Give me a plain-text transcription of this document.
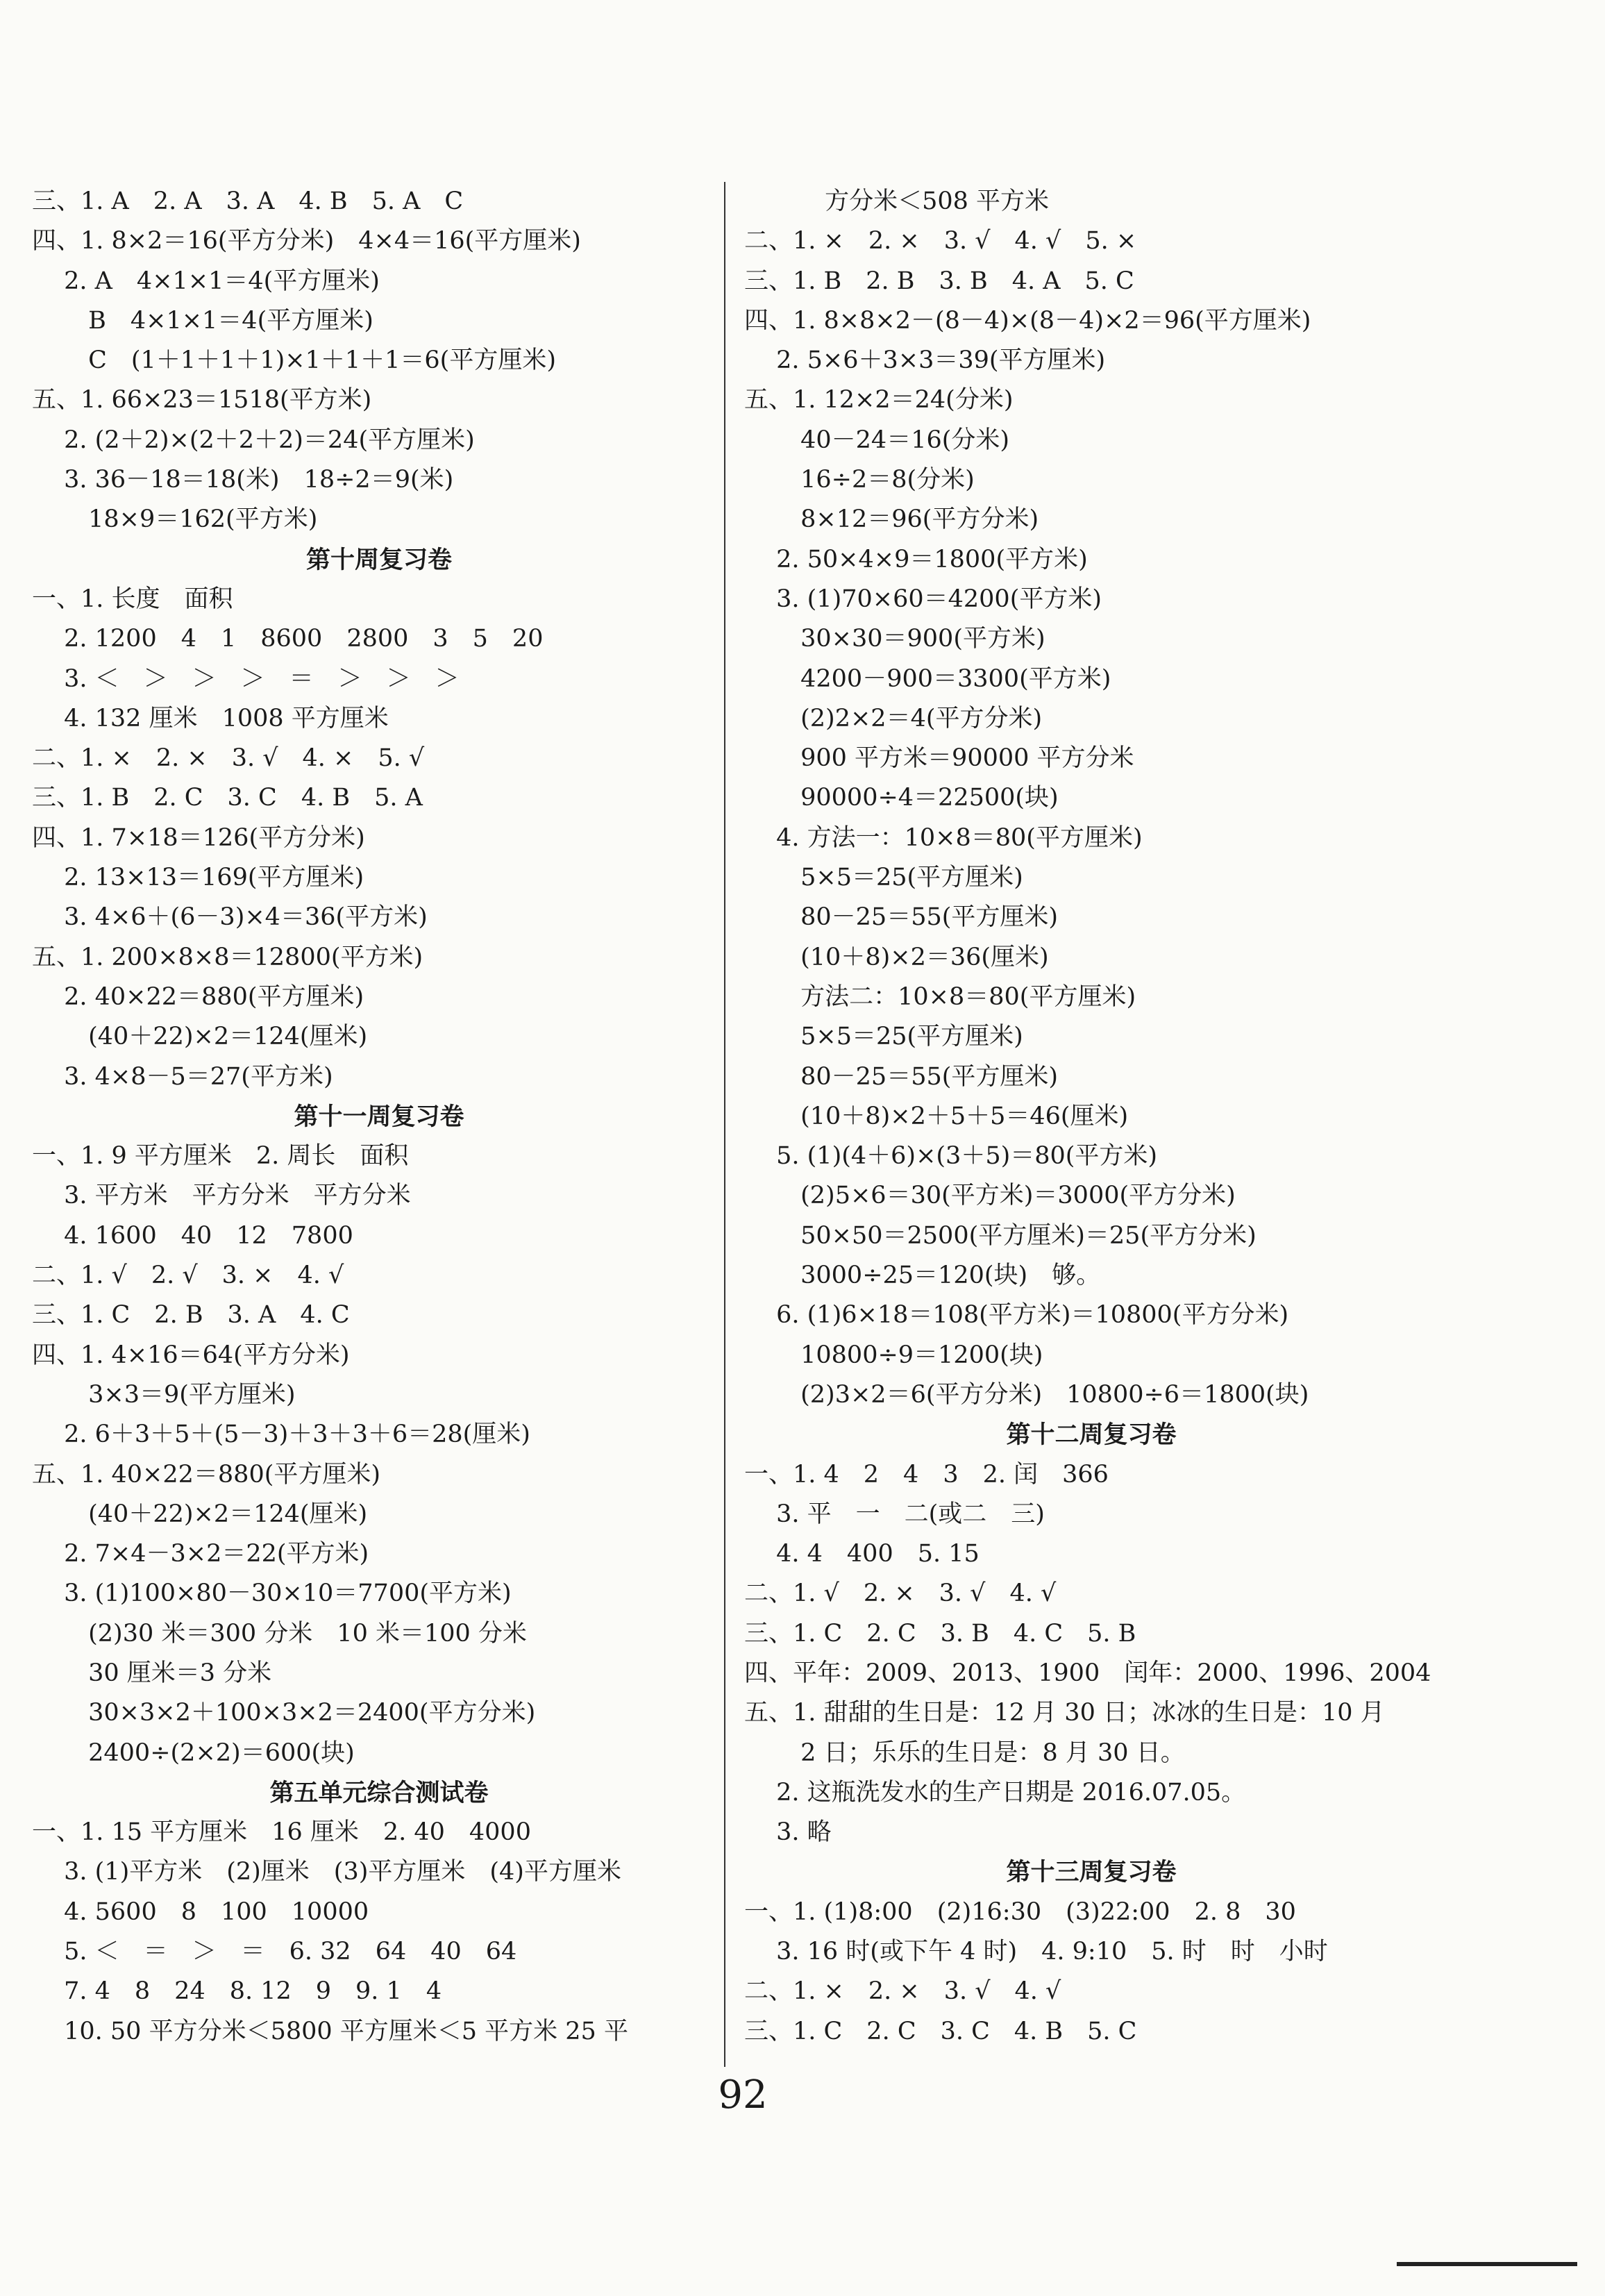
三、1. A　2. A　3. A　4. B　5. A　C
四、1. 8×2＝16(平方分米)　4×4＝16(平方厘米)
　 2. A　4×1×1＝4(平方厘米)
　　 B　4×1×1＝4(平方厘米)
　　 C　(1＋1＋1＋1)×1＋1＋1＝6(平方厘米)
五、1. 66×23＝1518(平方米)
　 2. (2＋2)×(2＋2＋2)＝24(平方厘米)
　 3. 36－18＝18(米)　18÷2＝9(米)
　　 18×9＝162(平方米)
第十周复习卷
一、1. 长度　面积
　 2. 1200　4　1　8600　2800　3　5　20
　 3. ＜　＞　＞　＞　＝　＞　＞　＞
　 4. 132 厘米　1008 平方厘米
二、1. ×　2. ×　3. √　4. ×　5. √
三、1. B　2. C　3. C　4. B　5. A
四、1. 7×18＝126(平方分米)
　 2. 13×13＝169(平方厘米)
　 3. 4×6＋(6－3)×4＝36(平方米)
五、1. 200×8×8＝12800(平方米)
　 2. 40×22＝880(平方厘米)
　　 (40＋22)×2＝124(厘米)
　 3. 4×8－5＝27(平方米)
第十一周复习卷
一、1. 9 平方厘米　2. 周长　面积
　 3. 平方米　平方分米　平方分米
　 4. 1600　40　12　7800
二、1. √　2. √　3. ×　4. √
三、1. C　2. B　3. A　4. C
四、1. 4×16＝64(平方分米)
　　 3×3＝9(平方厘米)
　 2. 6＋3＋5＋(5－3)＋3＋3＋6＝28(厘米)
五、1. 40×22＝880(平方厘米)
　　 (40＋22)×2＝124(厘米)
　 2. 7×4－3×2＝22(平方米)
　 3. (1)100×80－30×10＝7700(平方米)
　　 (2)30 米＝300 分米　10 米＝100 分米
　　 30 厘米＝3 分米
　　 30×3×2＋100×3×2＝2400(平方分米)
　　 2400÷(2×2)＝600(块)
第五单元综合测试卷
一、1. 15 平方厘米　16 厘米　2. 40　4000
　 3. (1)平方米　(2)厘米　(3)平方厘米　(4)平方厘米
　 4. 5600　8　100　10000
　 5. ＜　＝　＞　＝　6. 32　64　40　64
　 7. 4　8　24　8. 12　9　9. 1　4
　 10. 50 平方分米＜5800 平方厘米＜5 平方米 25 平
　　　 方分米＜508 平方米
二、1. ×　2. ×　3. √　4. √　5. ×
三、1. B　2. B　3. B　4. A　5. C
四、1. 8×8×2－(8－4)×(8－4)×2＝96(平方厘米)
　 2. 5×6＋3×3＝39(平方厘米)
五、1. 12×2＝24(分米)
　　 40－24＝16(分米)
　　 16÷2＝8(分米)
　　 8×12＝96(平方分米)
　 2. 50×4×9＝1800(平方米)
　 3. (1)70×60＝4200(平方米)
　　 30×30＝900(平方米)
　　 4200－900＝3300(平方米)
　　 (2)2×2＝4(平方分米)
　　 900 平方米＝90000 平方分米
　　 90000÷4＝22500(块)
　 4. 方法一：10×8＝80(平方厘米)
　　 5×5＝25(平方厘米)
　　 80－25＝55(平方厘米)
　　 (10＋8)×2＝36(厘米)
　　 方法二：10×8＝80(平方厘米)
　　 5×5＝25(平方厘米)
　　 80－25＝55(平方厘米)
　　 (10＋8)×2＋5＋5＝46(厘米)
　 5. (1)(4＋6)×(3＋5)＝80(平方米)
　　 (2)5×6＝30(平方米)＝3000(平方分米)
　　 50×50＝2500(平方厘米)＝25(平方分米)
　　 3000÷25＝120(块)　够。
　 6. (1)6×18＝108(平方米)＝10800(平方分米)
　　 10800÷9＝1200(块)
　　 (2)3×2＝6(平方分米)　10800÷6＝1800(块)
第十二周复习卷
一、1. 4　2　4　3　2. 闰　366
　 3. 平　一　二(或二　三)
　 4. 4　400　5. 15
二、1. √　2. ×　3. √　4. √
三、1. C　2. C　3. B　4. C　5. B
四、平年：2009、2013、1900　闰年：2000、1996、2004
五、1. 甜甜的生日是：12 月 30 日；冰冰的生日是：10 月
　　 2 日；乐乐的生日是：8 月 30 日。
　 2. 这瓶洗发水的生产日期是 2016.07.05。
　 3. 略
第十三周复习卷
一、1. (1)8:00　(2)16:30　(3)22:00　2. 8　30
　 3. 16 时(或下午 4 时)　4. 9:10　5. 时　时　小时
二、1. ×　2. ×　3. √　4. √
三、1. C　2. C　3. C　4. B　5. C
92
